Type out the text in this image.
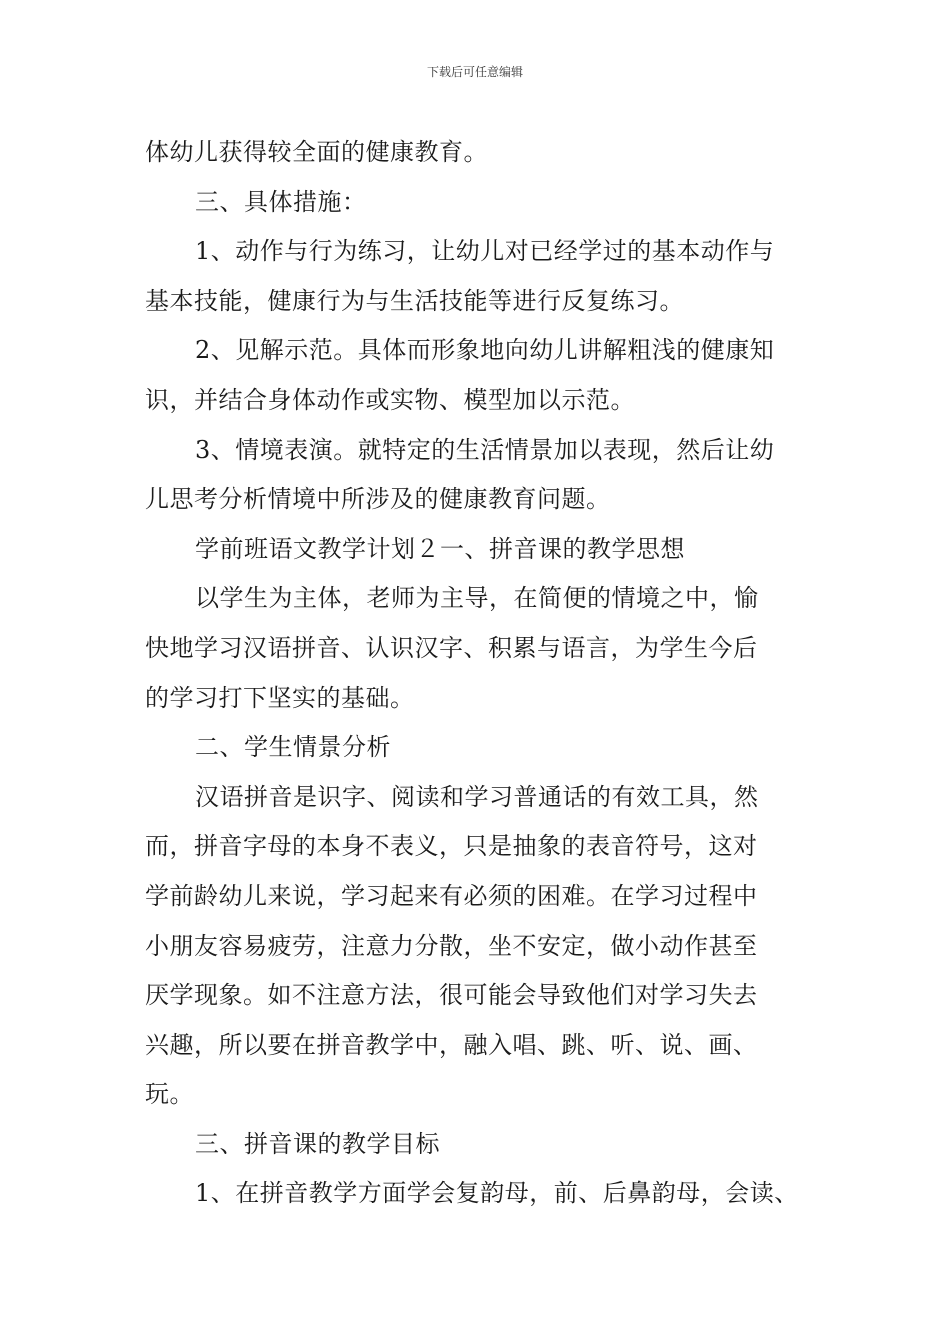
下载后可任意编辑
体幼儿获得较全面的健康教育。
三、具体措施：
1、动作与行为练习，让幼儿对已经学过的基本动作与
基本技能，健康行为与生活技能等进行反复练习。
2、见解示范。具体而形象地向幼儿讲解粗浅的健康知
识，并结合身体动作或实物、模型加以示范。
3、情境表演。就特定的生活情景加以表现，然后让幼
儿思考分析情境中所涉及的健康教育问题。
学前班语文教学计划２一、拼音课的教学思想
以学生为主体，老师为主导，在简便的情境之中，愉
快地学习汉语拼音、认识汉字、积累与语言，为学生今后
的学习打下坚实的基础。
二、学生情景分析
汉语拼音是识字、阅读和学习普通话的有效工具，然
而，拼音字母的本身不表义，只是抽象的表音符号，这对
学前龄幼儿来说，学习起来有必须的困难。在学习过程中
小朋友容易疲劳，注意力分散，坐不安定，做小动作甚至
厌学现象。如不注意方法，很可能会导致他们对学习失去
兴趣，所以要在拼音教学中，融入唱、跳、听、说、画、
玩。
三、拼音课的教学目标
1、在拼音教学方面学会复韵母，前、后鼻韵母，会读、
